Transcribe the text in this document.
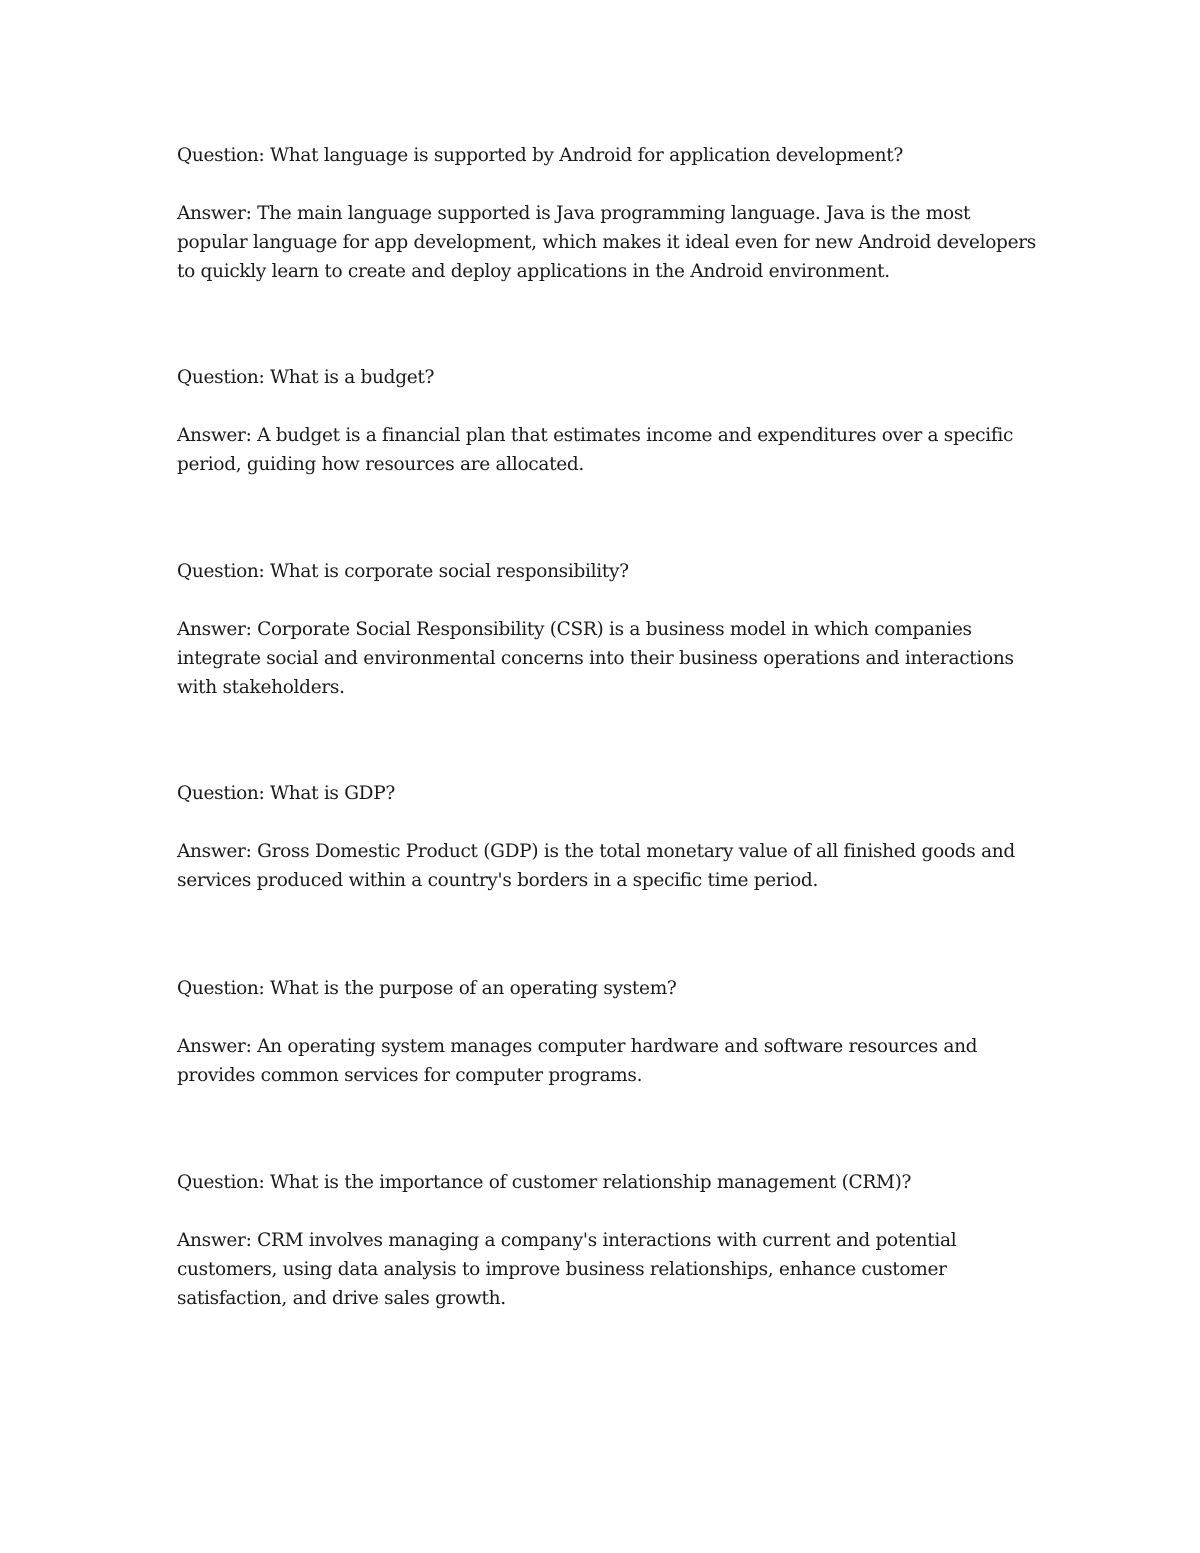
Question: What language is supported by Android for application development?

Answer: The main language supported is Java programming language. Java is the most popular language for app development, which makes it ideal even for new Android developers to quickly learn to create and deploy applications in the Android environment.

Question: What is a budget?

Answer: A budget is a financial plan that estimates income and expenditures over a specific period, guiding how resources are allocated.

Question: What is corporate social responsibility?

Answer: Corporate Social Responsibility (CSR) is a business model in which companies integrate social and environmental concerns into their business operations and interactions with stakeholders.

Question: What is GDP?

Answer: Gross Domestic Product (GDP) is the total monetary value of all finished goods and services produced within a country's borders in a specific time period.

Question: What is the purpose of an operating system?

Answer: An operating system manages computer hardware and software resources and provides common services for computer programs.

Question: What is the importance of customer relationship management (CRM)?

Answer: CRM involves managing a company's interactions with current and potential customers, using data analysis to improve business relationships, enhance customer satisfaction, and drive sales growth.
